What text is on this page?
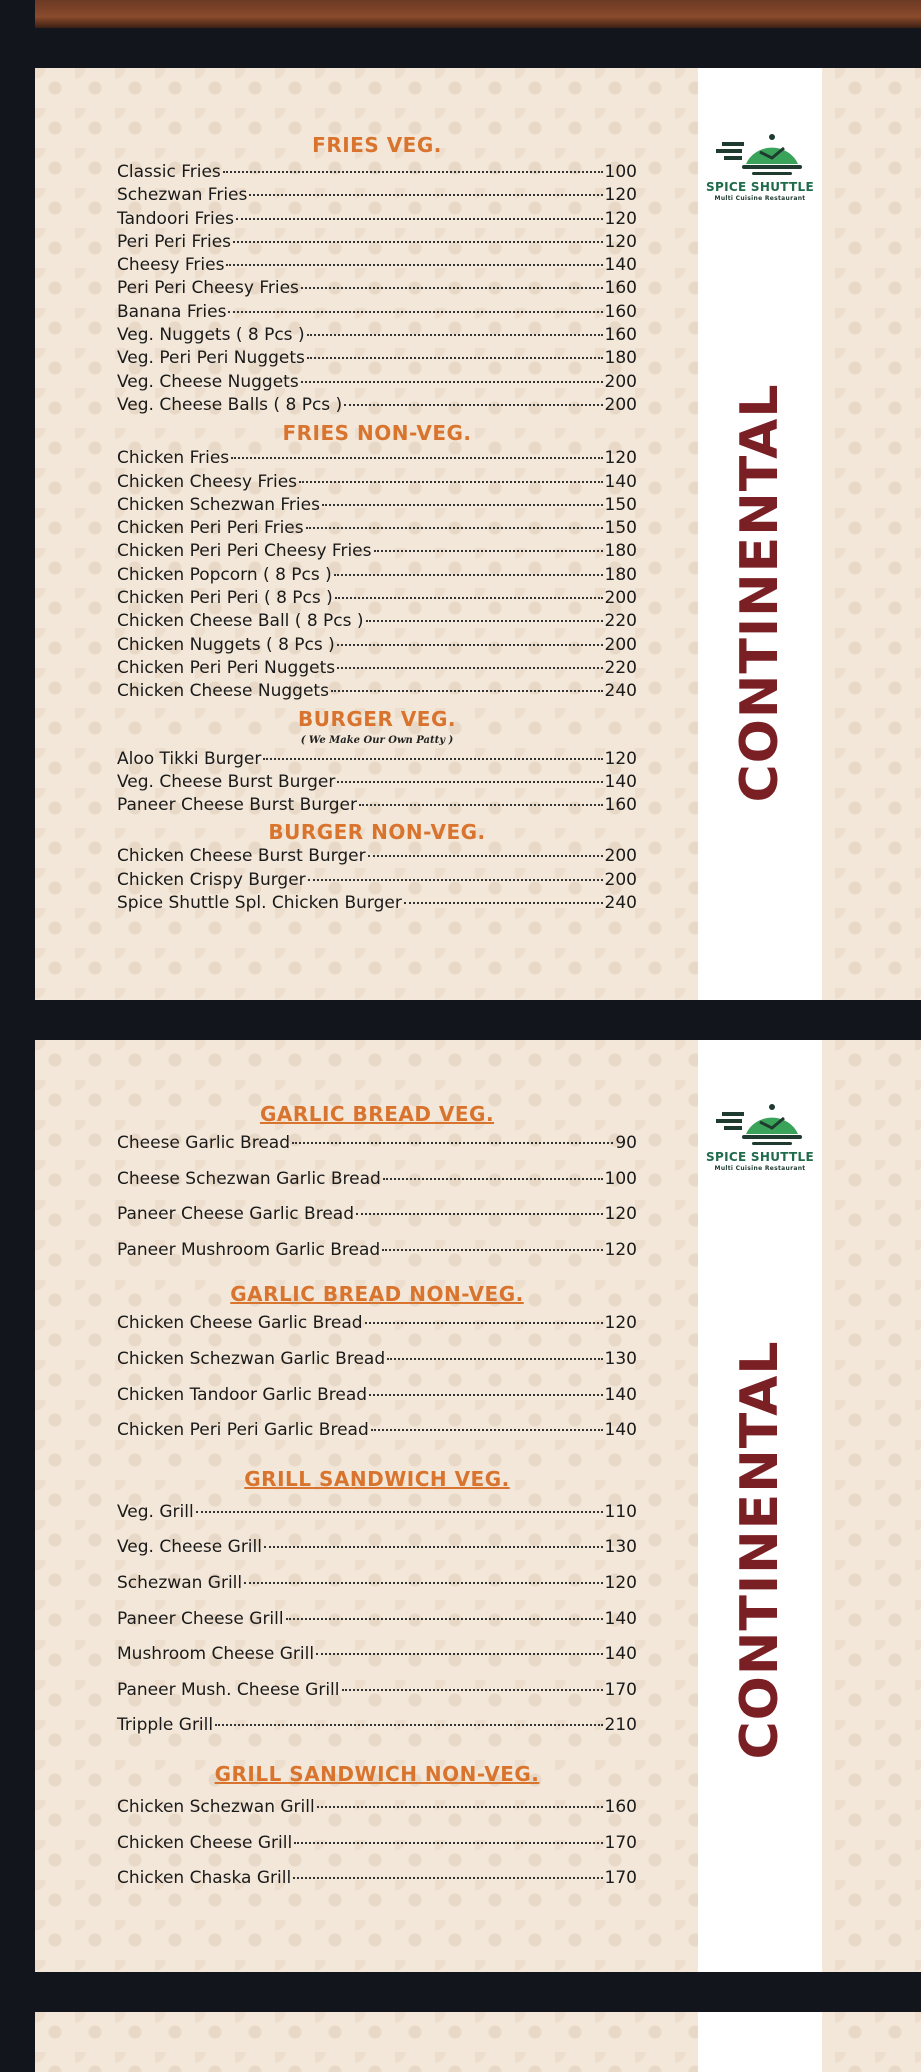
FRIES VEG.
Classic Fries	100
Schezwan Fries	120
Tandoori Fries	120
Peri Peri Fries	120
Cheesy Fries	140
Peri Peri Cheesy Fries	160
Banana Fries	160
Veg. Nuggets ( 8 Pcs )	160
Veg. Peri Peri Nuggets	180
Veg. Cheese Nuggets	200
Veg. Cheese Balls ( 8 Pcs )	200
FRIES NON-VEG.
Chicken Fries	120
Chicken Cheesy Fries	140
Chicken Schezwan Fries	150
Chicken Peri Peri Fries	150
Chicken Peri Peri Cheesy Fries	180
Chicken Popcorn ( 8 Pcs )	180
Chicken Peri Peri ( 8 Pcs )	200
Chicken Cheese Ball ( 8 Pcs )	220
Chicken Nuggets ( 8 Pcs )	200
Chicken Peri Peri Nuggets	220
Chicken Cheese Nuggets	240
BURGER VEG.
( We Make Our Own Patty )
Aloo Tikki Burger	120
Veg. Cheese Burst Burger	140
Paneer Cheese Burst Burger	160
BURGER NON-VEG.
Chicken Cheese Burst Burger	200
Chicken Crispy Burger	200
Spice Shuttle Spl. Chicken Burger	240
SPICE SHUTTLE
Multi Cuisine Restaurant
CONTINENTAL
GARLIC BREAD VEG.
Cheese Garlic Bread	90
Cheese Schezwan Garlic Bread	100
Paneer Cheese Garlic Bread	120
Paneer Mushroom Garlic Bread	120
GARLIC BREAD NON-VEG.
Chicken Cheese Garlic Bread	120
Chicken Schezwan Garlic Bread	130
Chicken Tandoor Garlic Bread	140
Chicken Peri Peri Garlic Bread	140
GRILL SANDWICH VEG.
Veg. Grill	110
Veg. Cheese Grill	130
Schezwan Grill	120
Paneer Cheese Grill	140
Mushroom Cheese Grill	140
Paneer Mush. Cheese Grill	170
Tripple Grill	210
GRILL SANDWICH NON-VEG.
Chicken Schezwan Grill	160
Chicken Cheese Grill	170
Chicken Chaska Grill	170
SPICE SHUTTLE
Multi Cuisine Restaurant
CONTINENTAL
